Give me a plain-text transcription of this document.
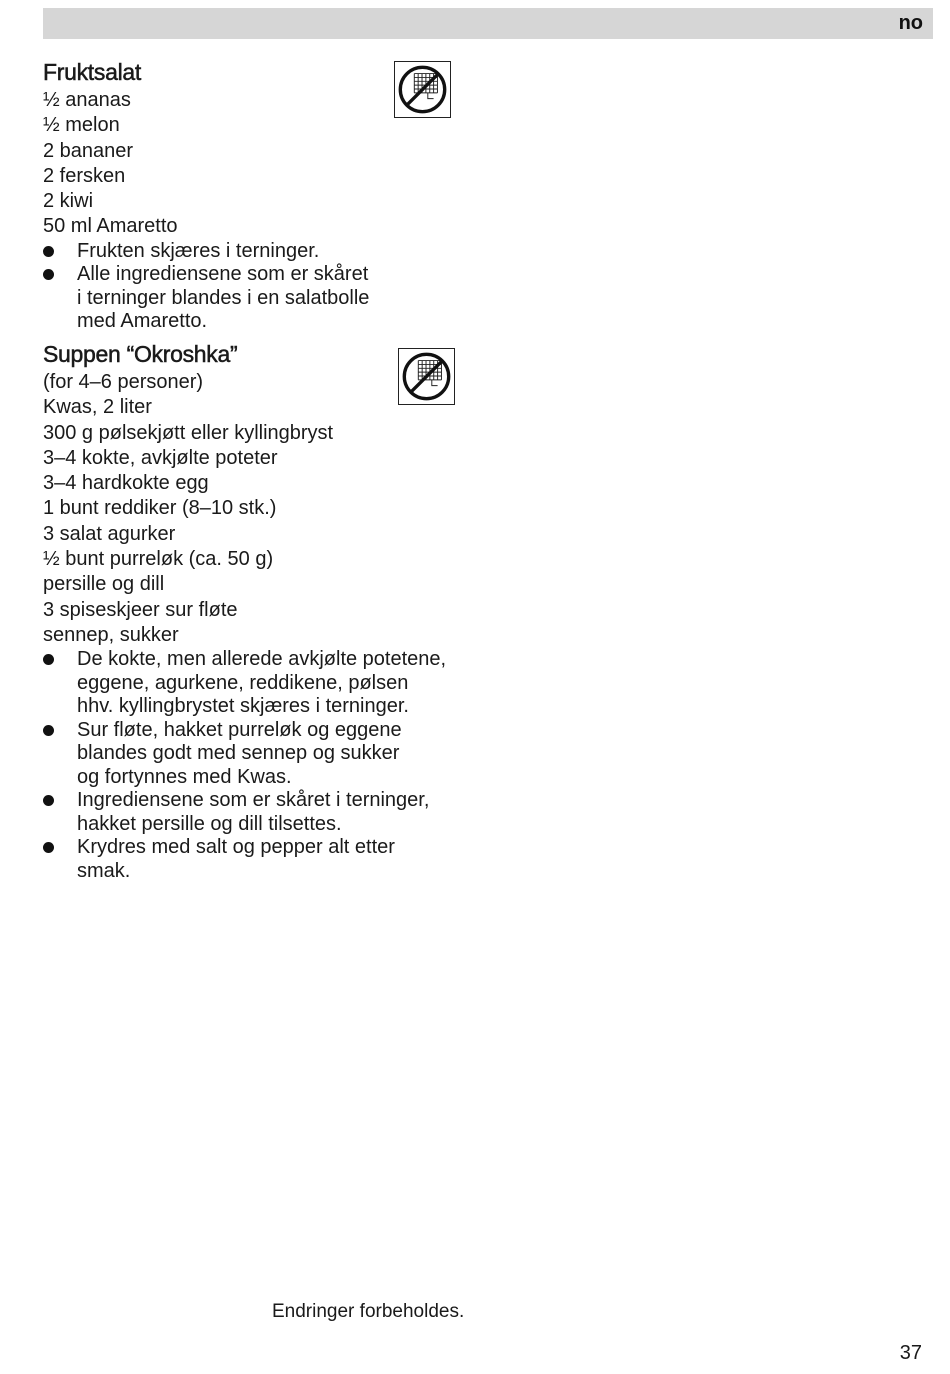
no
Fruktsalat
½ ananas
½ melon
2 bananer
2 fersken
2 kiwi
50 ml Amaretto
Frukten skjæres i terninger.
Alle ingrediensene som er skåret
i terninger blandes i en salatbolle
med Amaretto.
Suppen “Okroshka”
(for 4–6 personer)
Kwas, 2 liter
300 g pølsekjøtt eller kyllingbryst
3–4 kokte, avkjølte poteter
3–4 hardkokte egg
1 bunt reddiker (8–10 stk.)
3 salat agurker
½ bunt purreløk (ca. 50 g)
persille og dill
3 spiseskjeer sur fløte
sennep, sukker
De kokte, men allerede avkjølte potetene,
eggene, agurkene, reddikene, pølsen
hhv. kyllingbrystet skjæres i terninger.
Sur fløte, hakket purreløk og eggene
blandes godt med sennep og sukker
og fortynnes med Kwas.
Ingrediensene som er skåret i terninger,
hakket persille og dill tilsettes.
Krydres med salt og pepper alt etter
smak.
Endringer forbeholdes.
37
